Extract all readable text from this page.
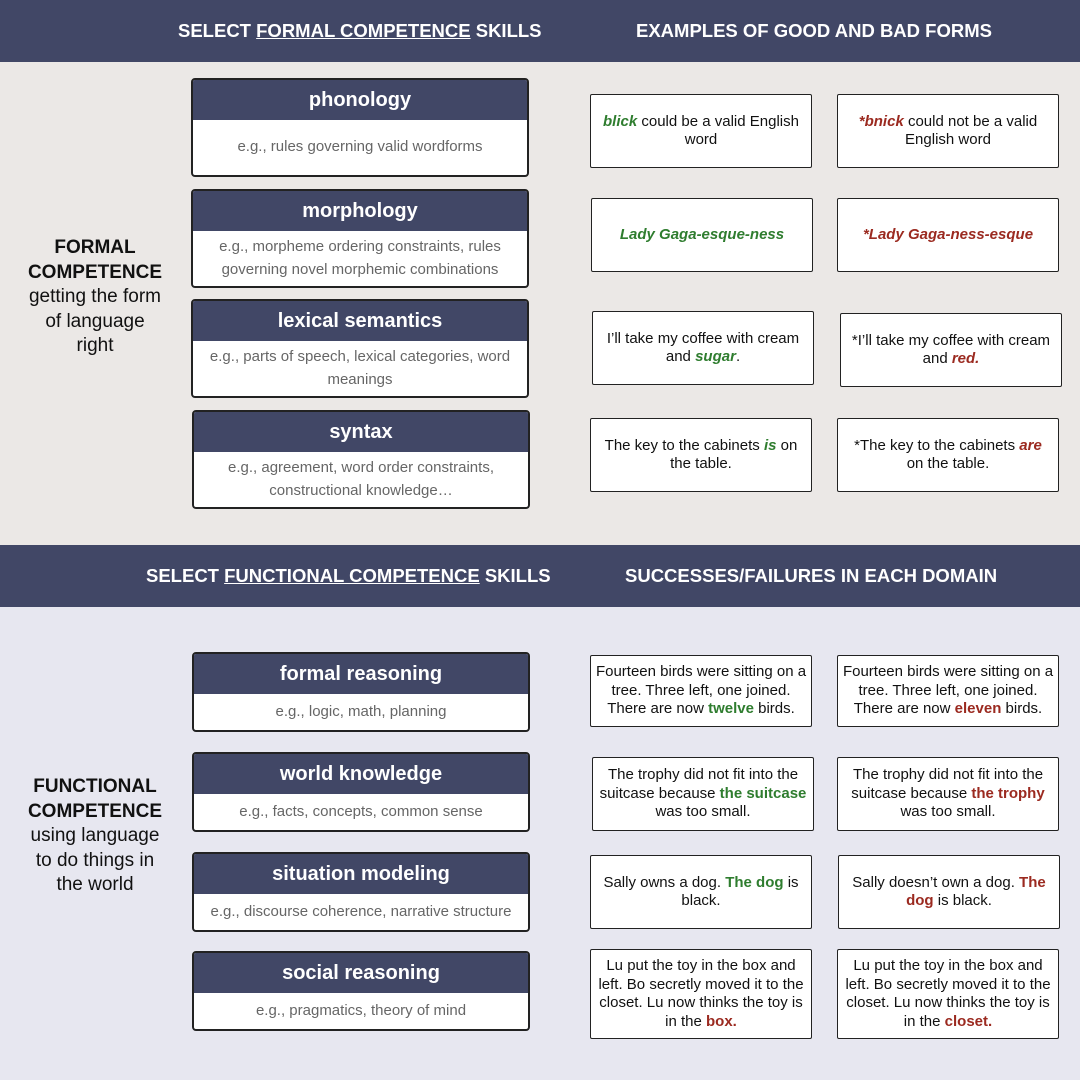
SELECT FORMAL COMPETENCE SKILLS	EXAMPLES OF GOOD AND BAD FORMS
FORMAL
COMPETENCE
getting the form
of language
right
phonology
e.g., rules governing valid wordforms
morphology
e.g., morpheme ordering constraints, rules governing novel morphemic combinations
lexical semantics
e.g., parts of speech, lexical categories, word meanings
syntax
e.g., agreement, word order constraints, constructional knowledge…
blick could be a valid English word
*bnick could not be a valid English word
Lady Gaga-esque-ness	*Lady Gaga-ness-esque
I’ll take my coffee with cream and sugar.
*I’ll take my coffee with cream and red.
The key to the cabinets is on the table.
*The key to the cabinets are on the table.
SELECT FUNCTIONAL COMPETENCE SKILLS	SUCCESSES/FAILURES IN EACH DOMAIN
FUNCTIONAL
COMPETENCE
using language
to do things in
the world
formal reasoning
e.g., logic, math, planning
world knowledge
e.g., facts, concepts, common sense
situation modeling
e.g., discourse coherence, narrative structure
social reasoning
e.g., pragmatics, theory of mind
Fourteen birds were sitting on a tree. Three left, one joined. There are now twelve birds.
Fourteen birds were sitting on a tree. Three left, one joined. There are now eleven birds.
The trophy did not fit into the suitcase because the suitcase was too small.
The trophy did not fit into the suitcase because the trophy was too small.
Sally owns a dog. The dog is black.
Sally doesn’t own a dog. The dog is black.
Lu put the toy in the box and left. Bo secretly moved it to the closet. Lu now thinks the toy is in the box.
Lu put the toy in the box and left. Bo secretly moved it to the closet. Lu now thinks the toy is in the closet.
